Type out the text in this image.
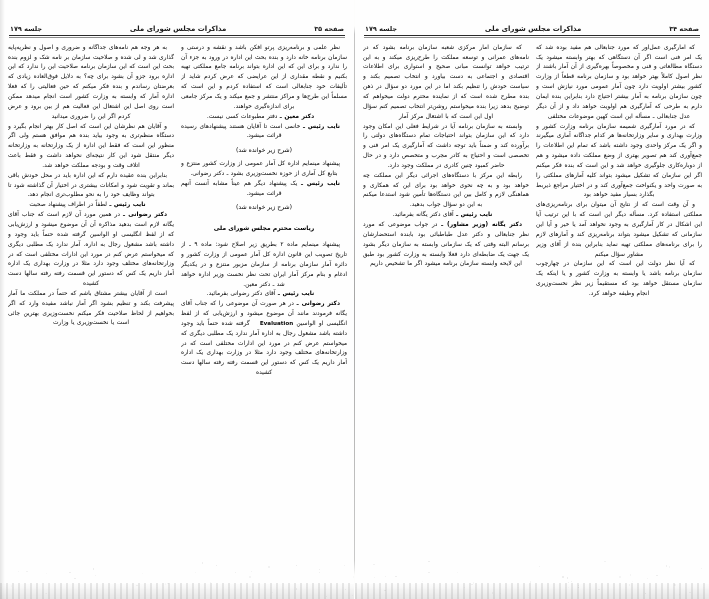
صفحه ۳۵
مذاکرات مجلس شورای ملی
جلسه ۱۷۹

نظر علمی و برنامه‌ریزی پرتو افکن باشد و نقشه و درستی و سازمان برنامه خانه دارد و بنده بحث این اداره در ورود به جزء آن را ندارد و برای این که این اداره بتواند برنامه جامع مملکتی تهیه بکنیم و نقطه مقداری از این عرایضی که عرض کردم شاید از تألیفات خود جنابعالی است که استفاده کردم و این است که مسلماً این طرح‌ها و مراکز منتشر و جمع میکند و یک مرکز جامعی برای اندازه‌گیری خواهند.

دکتر معین ـ دفتر مطبوعات کسی نیست.

نایب رئیس ـ خانمی است تا آقایان هستند پیشنهادهای رسیده قرائت میشود.

(شرح زیر خوانده شد)

پیشنهاد مینمایم اداره کل آمار عمومی از وزارت کشور منتزع و بتابع کل آماری از حوزه نخست‌وزیری بشود ـ دکتر رضوانی.

نایب رئیس ـ یک پیشنهاد دیگر هم عیناً مشابه آنست آنهم قرائت میشود.

(شرح زیر خوانده شد)

ریاست محترم مجلس شورای ملی

پیشنهاد مینمایم ماده ۲ بطریق زیر اصلاح شود: ماده ۹ ـ از تاریخ تصویب این قانون اداره کل آمار عمومی از وزارت کشور و دائره آمار سازمان برنامه از سازمان مزبور منتزع و در یکدیگر ادغام و بنام مرکز آمار ایران تحت نظر نخست وزیر اداره خواهد شد ـ دکتر معین.

نایب رئیس ـ آقای دکتر رضوانی بفرمائید.

دکتر رضوانی ـ در هر صورت آن موضوعی را که جناب آقای یگانه فرمودند مانند آن موضوع میشود و ارزش‌یابی که از لفظ انگلیسی او الواسین Evaluation گرفته شده حتماً باید وجود داشته باشد مشغول رجال به اداره آمار ندارد یک مطلبی دیگری که میخواستم عرض کنم در مورد این ادارات مختلفی است که در وزارتخانه‌های مختلف وجود دارد مثلا در وزارت بهداری یک اداره آمار داریم یک کس که دستور این قسمت رفته رفته سالها دست کشیده

به هر وجه هم نامه‌های جداگانه و ضروری و اصول و نظریه‌پایه گذاری شد و لی شده و صلاحیت سازمان بر نامه شک و لزوم بنده بحث این است که این سازمان برنامه صلاحیت این را ندارد که این اداره برود جزو آن بشود برای چه؟ به دلایل فوق‌العاده زیادی که بعرضتان رساندم و بنده فکر میکنم که حین فعالیتی را که فعلا اداره آمار که وابسته به وزارت کشور است انجام میدهد ممکن است روی اصل این اشتغال این فعالیت هم از بین برود و عرض کردم اگر این را ضروری میدانید

و آقایان هم نظرشان این است که اصل کار بهتر انجام بگیرد و دستگاه منظم‌تری به وجود بیاید بنده هم موافق هستم ولی اگر منظور این است که فقط این اداره از یک وزارتخانه به وزارتخانه دیگر منتقل شود این کار نتیجه‌ای نخواهد داشت و فقط باعث اتلاف وقت و بودجه مملکت خواهد شد.

بنابراین بنده عقیده دارم که این اداره باید در محل خودش باقی بماند و تقویت شود و امکانات بیشتری در اختیار آن گذاشته شود تا بتواند وظایف خود را به نحو مطلوب‌تری انجام دهد.

نایب رئیس ـ لطفاً در اطراف پیشنهاد صحبت

دکتر رضوانی ـ در همین مورد آن لازم است که جناب آقای یگانه لازم است بدهید مذاکره آن آن موضوع میشود و ارزش‌یابی که از لفظ انگلیسی او الواسین گرفته شده حتماً باید وجود و داشته باشد مشغول رجال به اداره. آمار ندارد یک مطلبی دیگری که میخواستم عرض کنم در مورد این ادارات مختلفی است که در وزارتخانه‌های مختلف وجود دارد مثلا در وزارت بهداری یک اداره آمار داریم یک کس که دستور این قسمت رفته رفته سالها دست کشیده

است از آقایان بیشتر مشتاق باشم که حتماً در مملکت ما آمار پیشرفت بکند و تنظیم بشود اگر آمار نباشد مفیده وارد که اگر بخواهیم از لحاظ صلاحیت فکر میکنم نخست‌وزیری بهترین جائی است یا نخست‌وزیری یا وزارت

صفحه ۳۴
مذاکرات مجلس شورای ملی
جلسه ۱۷۹

که آمارگیری عمل‌آور که مورد جنابعالی هم مفید بوده شد که یک امر فنی است اگر آن دستگاهی که بهتر وابسته میشود یک دستگاه مطالعاتی و فنی و مخصوصاً بهره‌گیری از آن آمار باشند از نظر اصول کاملاً بهتر خواهد بود و سازمان برنامه قطعاً از وزارت کشور بیشتر اولویت دارد چون آمار عمومی مورد نیازش است و چون سازمان برنامه به آمار بیشتر احتیاج دارد بنابراین بنده ایمان دارم به طرحی که آمارگیری هم اولویت خواهد داد و از آن دیگر عدل جنابعالی ـ مسأله این است کهین موضوعات مختلفی

که در مورد آمارگیری شمیمه سازمان برنامه وزارت کشور و وزارت بهداری و سایر وزارتخانه‌ها هر کدام جداگانه آماری میگیرند و اگر یک مرکز واحدی وجود داشته باشد که تمام این اطلاعات را جمع‌آوری کند هم تصویر بهتری از وضع مملکت داده میشود و هم از دوباره‌کاری جلوگیری خواهد شد و این است که بنده فکر میکنم اگر این سازمان که تشکیل میشود بتواند کلیه آمارهای مملکتی را به صورت واحد و یکنواخت جمع‌آوری کند و در اختیار مراجع ذیربط بگذارد بسیار مفید خواهد بود

و آن وقت است که از نتایج آن میتوان برای برنامه‌ریزی‌های مملکتی استفاده کرد. مسأله دیگر این است که با این ترتیب آیا این اشکال در کار آمارگیری به وجود نخواهد آمد یا خیر و آیا این سازمانی که تشکیل میشود بتواند برنامه‌ریزی کند و آمارهای لازم را برای برنامه‌های مملکتی تهیه نماید بنابراین بنده از آقای وزیر مشاور سؤال میکنم

که آیا نظر دولت این است که این سازمان در چهارچوب سازمان برنامه باشد یا وابسته به وزارت کشور و یا اینکه یک سازمان مستقل خواهد بود که مستقیماً زیر نظر نخست‌وزیری انجام وظیفه خواهد کرد.

که سازمان آمار مرکزی شعبه سازمان برنامه بشود که در نامه‌های عمرانی و توسعه مملکت را طرح‌ریزی میکند و به این ترتیب خواهد توانست مبانی صحیح و استواری برای اطلاعات اقتصادی و اجتماعی به دست بیاورد و انتخاب تصمیم بکند و سیاست خودش را تنظیم بکند اما در این مورد دو سؤال در ذهن بنده مطرح شده است که از نماینده محترم دولت میخواهم که توضیح بدهد زیرا بنده میخواستم روشن‌تر انتخاب تصمیم کنم سؤال اول این است که با اشتغال مرکز آمار

وابسته به سازمان برنامه آیا در شرایط فعلی این امکان وجود دارد که این سازمان بتواند احتیاجات تمام دستگاه‌های دولتی را برآورده کند و ضمناً باید توجه داشت که آمارگیری یک امر فنی و تخصصی است و احتیاج به کادر مجرب و متخصص دارد و در حال حاضر کمبود چنین کادری در مملکت وجود دارد.

رابطه این مرکز با دستگاه‌های اجرائی دیگر این مملکت چه خواهد بود و به چه نحوی خواهد بود برای این که همکاری و هماهنگی لازم و کامل بین این دستگاه‌ها تأمین شود استدعا میکنم به این دو سؤال جواب بدهید.

نایب رئیس ـ آقای دکتر یگانه بفرمائید.

دکتر یگانه (وزیر مشاور) ـ در جواب موضوعی که مورد نظر جنابعالی و دکتر عدل طباطبائی بود بابنده استحضارشان برسانم البته وقتی که یک سازمانی وابسته به سازمان دیگر بشود یک جهت یک ضابطه‌ای دارد فعلا وابسته به وزارت کشور بود طبق این لایحه وابسته سازمان برنامه میشود اگر ما تشخیص داریم
